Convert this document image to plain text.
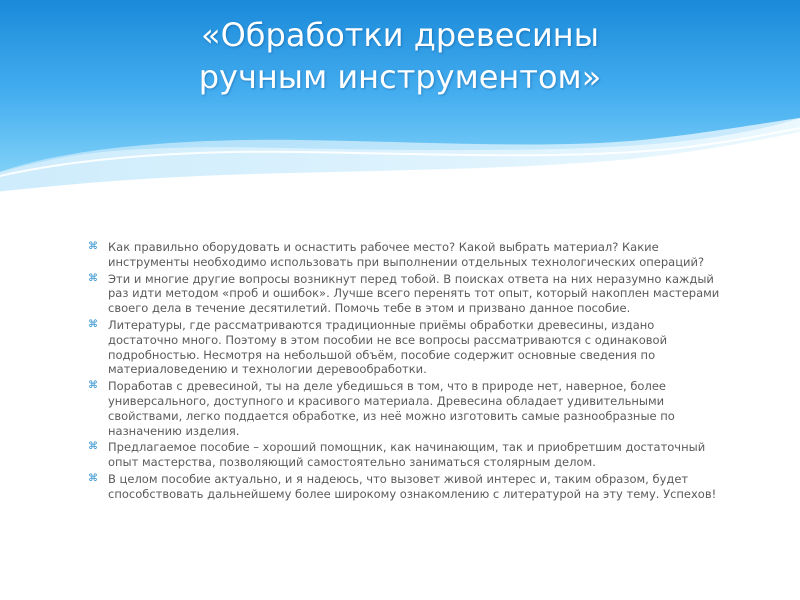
«Обработки древесины
ручным инструментом»
⌘ Как правильно оборудовать и оснастить рабочее место? Какой выбрать материал? Какие инструменты необходимо использовать при выполнении отдельных технологических операций?
⌘ Эти и многие другие вопросы возникнут перед тобой. В поисках ответа на них неразумно каждый раз идти методом «проб и ошибок». Лучше всего перенять тот опыт, который накоплен мастерами своего дела в течение десятилетий. Помочь тебе в этом и призвано данное пособие.
⌘ Литературы, где рассматриваются традиционные приёмы обработки древесины, издано достаточно много. Поэтому в этом пособии не все вопросы рассматриваются с одинаковой подробностью. Несмотря на небольшой объём, пособие содержит основные сведения по материаловедению и технологии деревообработки.
⌘ Поработав с древесиной, ты на деле убедишься в том, что в природе нет, наверное, более универсального, доступного и красивого материала. Древесина обладает удивительными свойствами, легко поддается обработке, из неё можно изготовить самые разнообразные по назначению изделия.
⌘ Предлагаемое пособие – хороший помощник, как начинающим, так и приобретшим достаточный опыт мастерства, позволяющий самостоятельно заниматься столярным делом.
⌘ В целом пособие актуально, и я надеюсь, что вызовет живой интерес и, таким образом, будет способствовать дальнейшему более широкому ознакомлению с литературой на эту тему. Успехов!
